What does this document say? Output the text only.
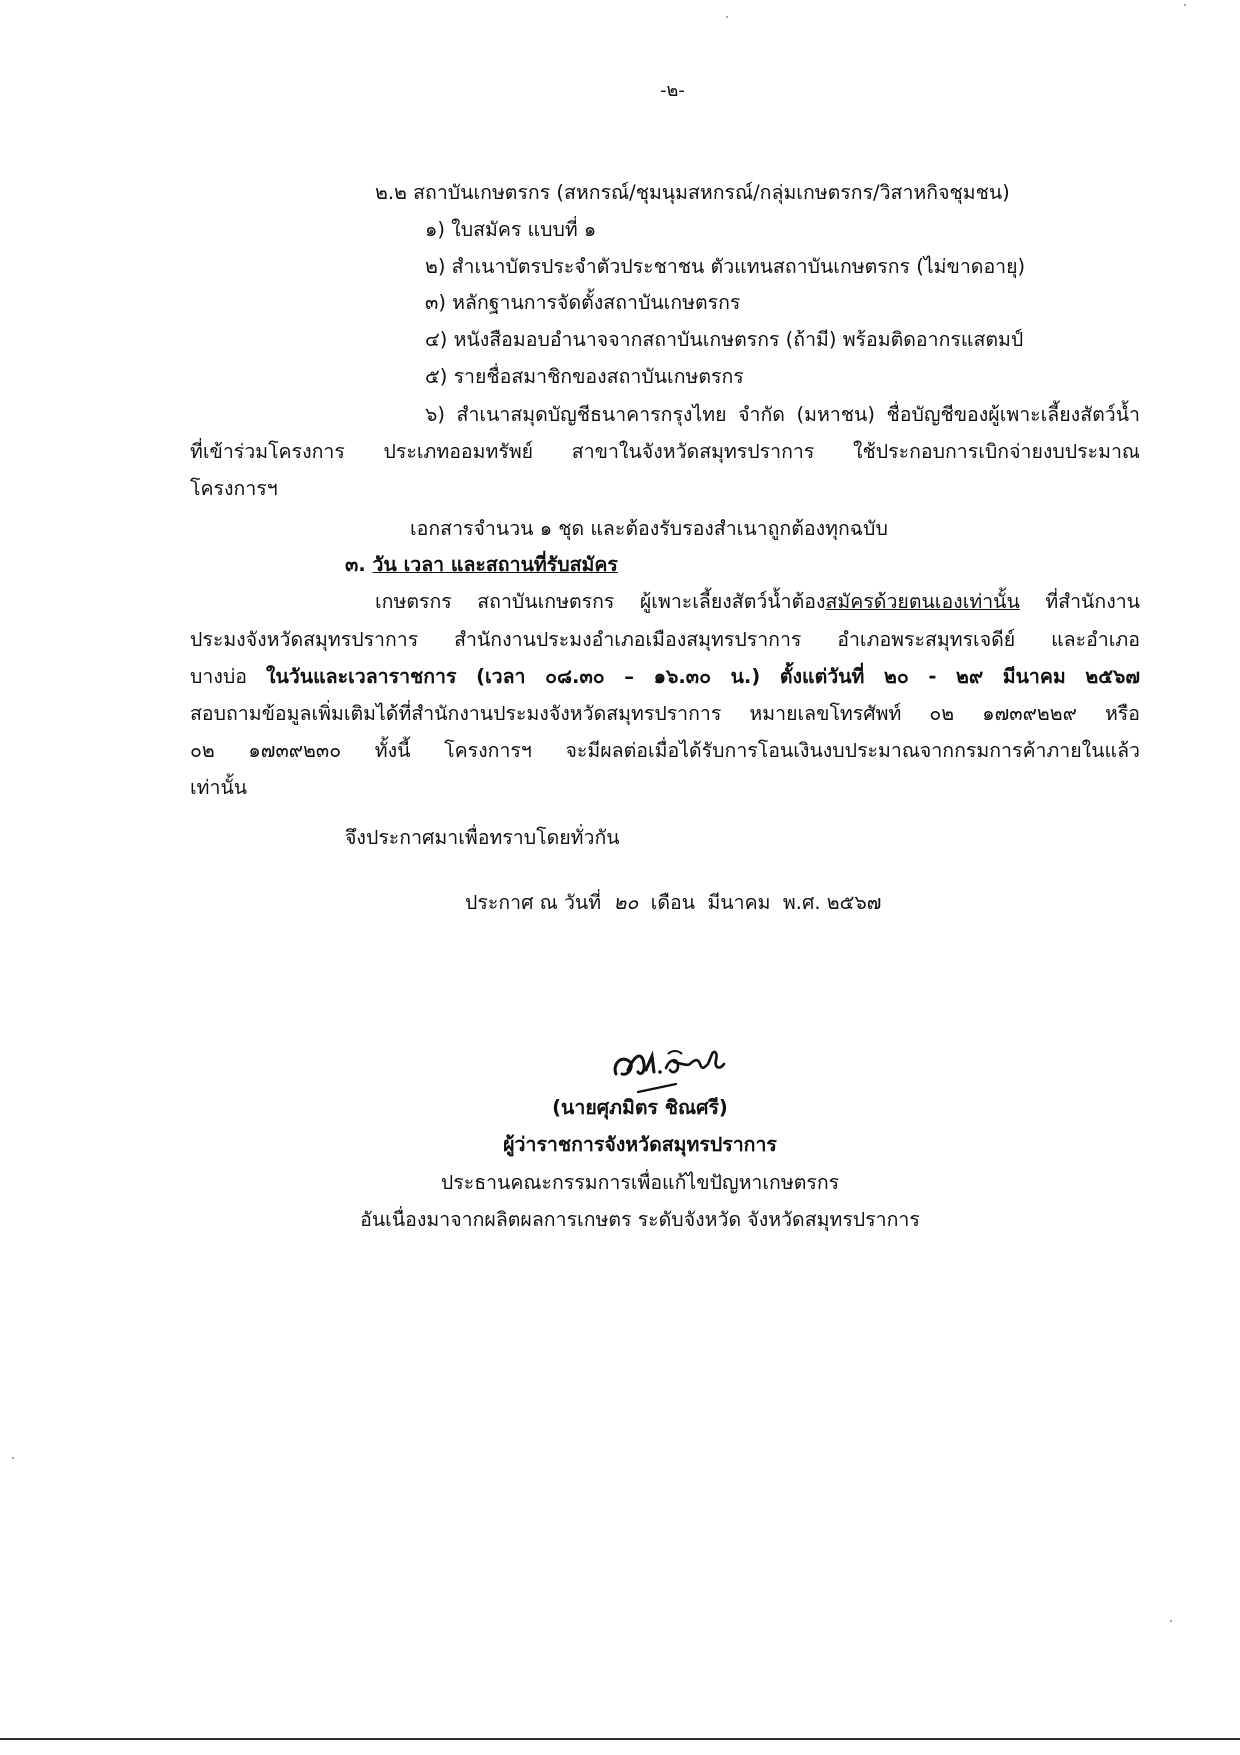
-๒-
๒.๒ สถาบันเกษตรกร (สหกรณ์/ชุมนุมสหกรณ์/กลุ่มเกษตรกร/วิสาหกิจชุมชน)
๑) ใบสมัคร แบบที่ ๑
๒) สำเนาบัตรประจำตัวประชาชน ตัวแทนสถาบันเกษตรกร (ไม่ขาดอายุ)
๓) หลักฐานการจัดตั้งสถาบันเกษตรกร
๔) หนังสือมอบอำนาจจากสถาบันเกษตรกร (ถ้ามี) พร้อมติดอากรแสตมป์
๕) รายชื่อสมาชิกของสถาบันเกษตรกร
๖) สำเนาสมุดบัญชีธนาคารกรุงไทย จำกัด (มหาชน) ชื่อบัญชีของผู้เพาะเลี้ยงสัตว์น้ำ
ที่เข้าร่วมโครงการ ประเภทออมทรัพย์ สาขาในจังหวัดสมุทรปราการ ใช้ประกอบการเบิกจ่ายงบประมาณ
โครงการฯ
เอกสารจำนวน ๑ ชุด และต้องรับรองสำเนาถูกต้องทุกฉบับ
๓. วัน เวลา และสถานที่รับสมัคร
เกษตรกร สถาบันเกษตรกร ผู้เพาะเลี้ยงสัตว์น้ำต้องสมัครด้วยตนเองเท่านั้น ที่สำนักงาน
ประมงจังหวัดสมุทรปราการ สำนักงานประมงอำเภอเมืองสมุทรปราการ อำเภอพระสมุทรเจดีย์ และอำเภอ
บางบ่อ ในวันและเวลาราชการ (เวลา ๐๘.๓๐ – ๑๖.๓๐ น.) ตั้งแต่วันที่ ๒๐ - ๒๙ มีนาคม ๒๕๖๗
สอบถามข้อมูลเพิ่มเติมได้ที่สำนักงานประมงจังหวัดสมุทรปราการ หมายเลขโทรศัพท์ ๐๒ ๑๗๓๙๒๒๙ หรือ
๐๒ ๑๗๓๙๒๓๐ ทั้งนี้ โครงการฯ จะมีผลต่อเมื่อได้รับการโอนเงินงบประมาณจากกรมการค้าภายในแล้ว
เท่านั้น
จึงประกาศมาเพื่อทราบโดยทั่วกัน
ประกาศ ณ วันที่ ๒๐ เดือน มีนาคม พ.ศ. ๒๕๖๗
(นายศุภมิตร ชิณศรี)
ผู้ว่าราชการจังหวัดสมุทรปราการ
ประธานคณะกรรมการเพื่อแก้ไขปัญหาเกษตรกร
อันเนื่องมาจากผลิตผลการเกษตร ระดับจังหวัด จังหวัดสมุทรปราการ
